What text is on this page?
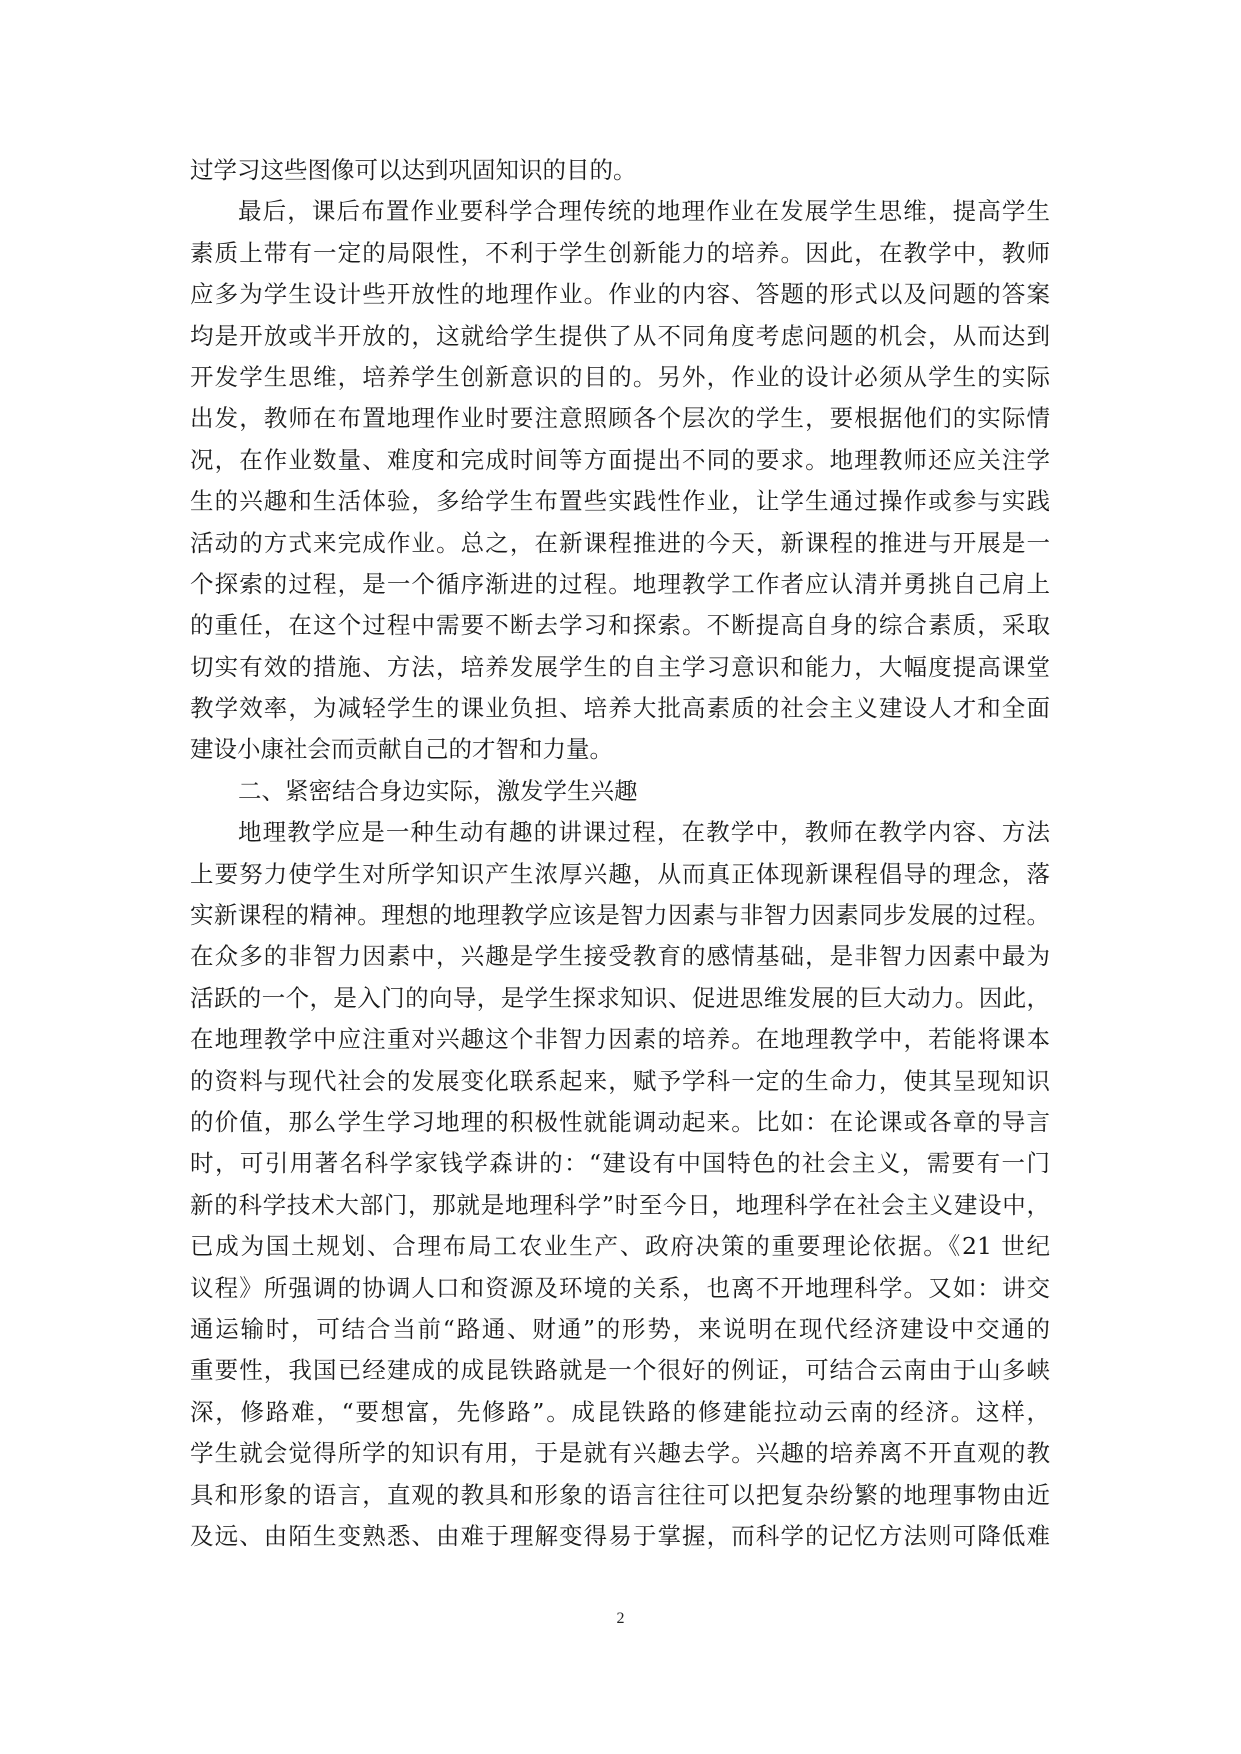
过学习这些图像可以达到巩固知识的目的。
最后，课后布置作业要科学合理传统的地理作业在发展学生思维，提高学生
素质上带有一定的局限性，不利于学生创新能力的培养。因此，在教学中，教师
应多为学生设计些开放性的地理作业。作业的内容、答题的形式以及问题的答案
均是开放或半开放的，这就给学生提供了从不同角度考虑问题的机会，从而达到
开发学生思维，培养学生创新意识的目的。另外，作业的设计必须从学生的实际
出发，教师在布置地理作业时要注意照顾各个层次的学生，要根据他们的实际情
况，在作业数量、难度和完成时间等方面提出不同的要求。地理教师还应关注学
生的兴趣和生活体验，多给学生布置些实践性作业，让学生通过操作或参与实践
活动的方式来完成作业。总之，在新课程推进的今天，新课程的推进与开展是一
个探索的过程，是一个循序渐进的过程。地理教学工作者应认清并勇挑自己肩上
的重任，在这个过程中需要不断去学习和探索。不断提高自身的综合素质，采取
切实有效的措施、方法，培养发展学生的自主学习意识和能力，大幅度提高课堂
教学效率，为减轻学生的课业负担、培养大批高素质的社会主义建设人才和全面
建设小康社会而贡献自己的才智和力量。
二、紧密结合身边实际，激发学生兴趣
地理教学应是一种生动有趣的讲课过程，在教学中，教师在教学内容、方法
上要努力使学生对所学知识产生浓厚兴趣，从而真正体现新课程倡导的理念，落
实新课程的精神。理想的地理教学应该是智力因素与非智力因素同步发展的过程。
在众多的非智力因素中，兴趣是学生接受教育的感情基础，是非智力因素中最为
活跃的一个，是入门的向导，是学生探求知识、促进思维发展的巨大动力。因此，
在地理教学中应注重对兴趣这个非智力因素的培养。在地理教学中，若能将课本
的资料与现代社会的发展变化联系起来，赋予学科一定的生命力，使其呈现知识
的价值，那么学生学习地理的积极性就能调动起来。比如：在论课或各章的导言
时，可引用著名科学家钱学森讲的：“建设有中国特色的社会主义，需要有一门
新的科学技术大部门，那就是地理科学”时至今日，地理科学在社会主义建设中，
已成为国土规划、合理布局工农业生产、政府决策的重要理论依据。《21 世纪
议程》所强调的协调人口和资源及环境的关系，也离不开地理科学。又如：讲交
通运输时，可结合当前“路通、财通”的形势，来说明在现代经济建设中交通的
重要性，我国已经建成的成昆铁路就是一个很好的例证，可结合云南由于山多峡
深，修路难，“要想富，先修路”。成昆铁路的修建能拉动云南的经济。这样，
学生就会觉得所学的知识有用，于是就有兴趣去学。兴趣的培养离不开直观的教
具和形象的语言，直观的教具和形象的语言往往可以把复杂纷繁的地理事物由近
及远、由陌生变熟悉、由难于理解变得易于掌握，而科学的记忆方法则可降低难
2
